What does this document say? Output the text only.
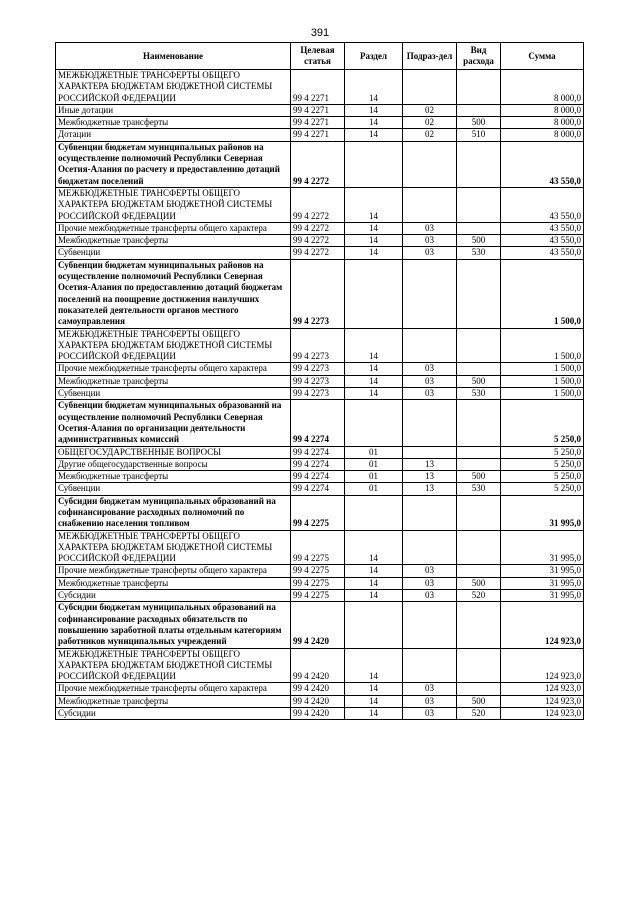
391
Наименование	Целевая статья	Раздел	Подраз-дел	Вид расхода	Сумма
МЕЖБЮДЖЕТНЫЕ ТРАНСФЕРТЫ ОБЩЕГО ХАРАКТЕРА БЮДЖЕТАМ БЮДЖЕТНОЙ СИСТЕМЫ РОССИЙСКОЙ ФЕДЕРАЦИИ	99 4 2271	14			8 000,0
Иные дотации	99 4 2271	14	02		8 000,0
Межбюджетные трансферты	99 4 2271	14	02	500	8 000,0
Дотации	99 4 2271	14	02	510	8 000,0
Субвенции бюджетам муниципальных районов на осуществление полномочий Республики Северная Осетия-Алания по расчету и предоставлению дотаций бюджетам поселений	99 4 2272				43 550,0
МЕЖБЮДЖЕТНЫЕ ТРАНСФЕРТЫ ОБЩЕГО ХАРАКТЕРА БЮДЖЕТАМ БЮДЖЕТНОЙ СИСТЕМЫ РОССИЙСКОЙ ФЕДЕРАЦИИ	99 4 2272	14			43 550,0
Прочие межбюджетные трансферты общего характера	99 4 2272	14	03		43 550,0
Межбюджетные трансферты	99 4 2272	14	03	500	43 550,0
Субвенции	99 4 2272	14	03	530	43 550,0
Субвенции бюджетам муниципальных районов на осуществление полномочий Республики Северная Осетия-Алания по предоставлению дотаций бюджетам поселений на поощрение достижения наилучших показателей деятельности органов местного самоуправления	99 4 2273				1 500,0
МЕЖБЮДЖЕТНЫЕ ТРАНСФЕРТЫ ОБЩЕГО ХАРАКТЕРА БЮДЖЕТАМ БЮДЖЕТНОЙ СИСТЕМЫ РОССИЙСКОЙ ФЕДЕРАЦИИ	99 4 2273	14			1 500,0
Прочие межбюджетные трансферты общего характера	99 4 2273	14	03		1 500,0
Межбюджетные трансферты	99 4 2273	14	03	500	1 500,0
Субвенции	99 4 2273	14	03	530	1 500,0
Субвенции бюджетам муниципальных образований на осуществление полномочий Республики Северная Осетия-Алания по организации деятельности административных комиссий	99 4 2274				5 250,0
ОБЩЕГОСУДАРСТВЕННЫЕ ВОПРОСЫ	99 4 2274	01			5 250,0
Другие общегосударственные вопросы	99 4 2274	01	13		5 250,0
Межбюджетные трансферты	99 4 2274	01	13	500	5 250,0
Субвенции	99 4 2274	01	13	530	5 250,0
Субсидии бюджетам муниципальных образований на софинансирование расходных полномочий по снабжению населения топливом	99 4 2275				31 995,0
МЕЖБЮДЖЕТНЫЕ ТРАНСФЕРТЫ ОБЩЕГО ХАРАКТЕРА БЮДЖЕТАМ БЮДЖЕТНОЙ СИСТЕМЫ РОССИЙСКОЙ ФЕДЕРАЦИИ	99 4 2275	14			31 995,0
Прочие межбюджетные трансферты общего характера	99 4 2275	14	03		31 995,0
Межбюджетные трансферты	99 4 2275	14	03	500	31 995,0
Субсидии	99 4 2275	14	03	520	31 995,0
Субсидии бюджетам муниципальных образований на софинансирование расходных обязательств по повышению заработной платы отдельным категориям работников муниципальных учреждений	99 4 2420				124 923,0
МЕЖБЮДЖЕТНЫЕ ТРАНСФЕРТЫ ОБЩЕГО ХАРАКТЕРА БЮДЖЕТАМ БЮДЖЕТНОЙ СИСТЕМЫ РОССИЙСКОЙ ФЕДЕРАЦИИ	99 4 2420	14			124 923,0
Прочие межбюджетные трансферты общего характера	99 4 2420	14	03		124 923,0
Межбюджетные трансферты	99 4 2420	14	03	500	124 923,0
Субсидии	99 4 2420	14	03	520	124 923,0
